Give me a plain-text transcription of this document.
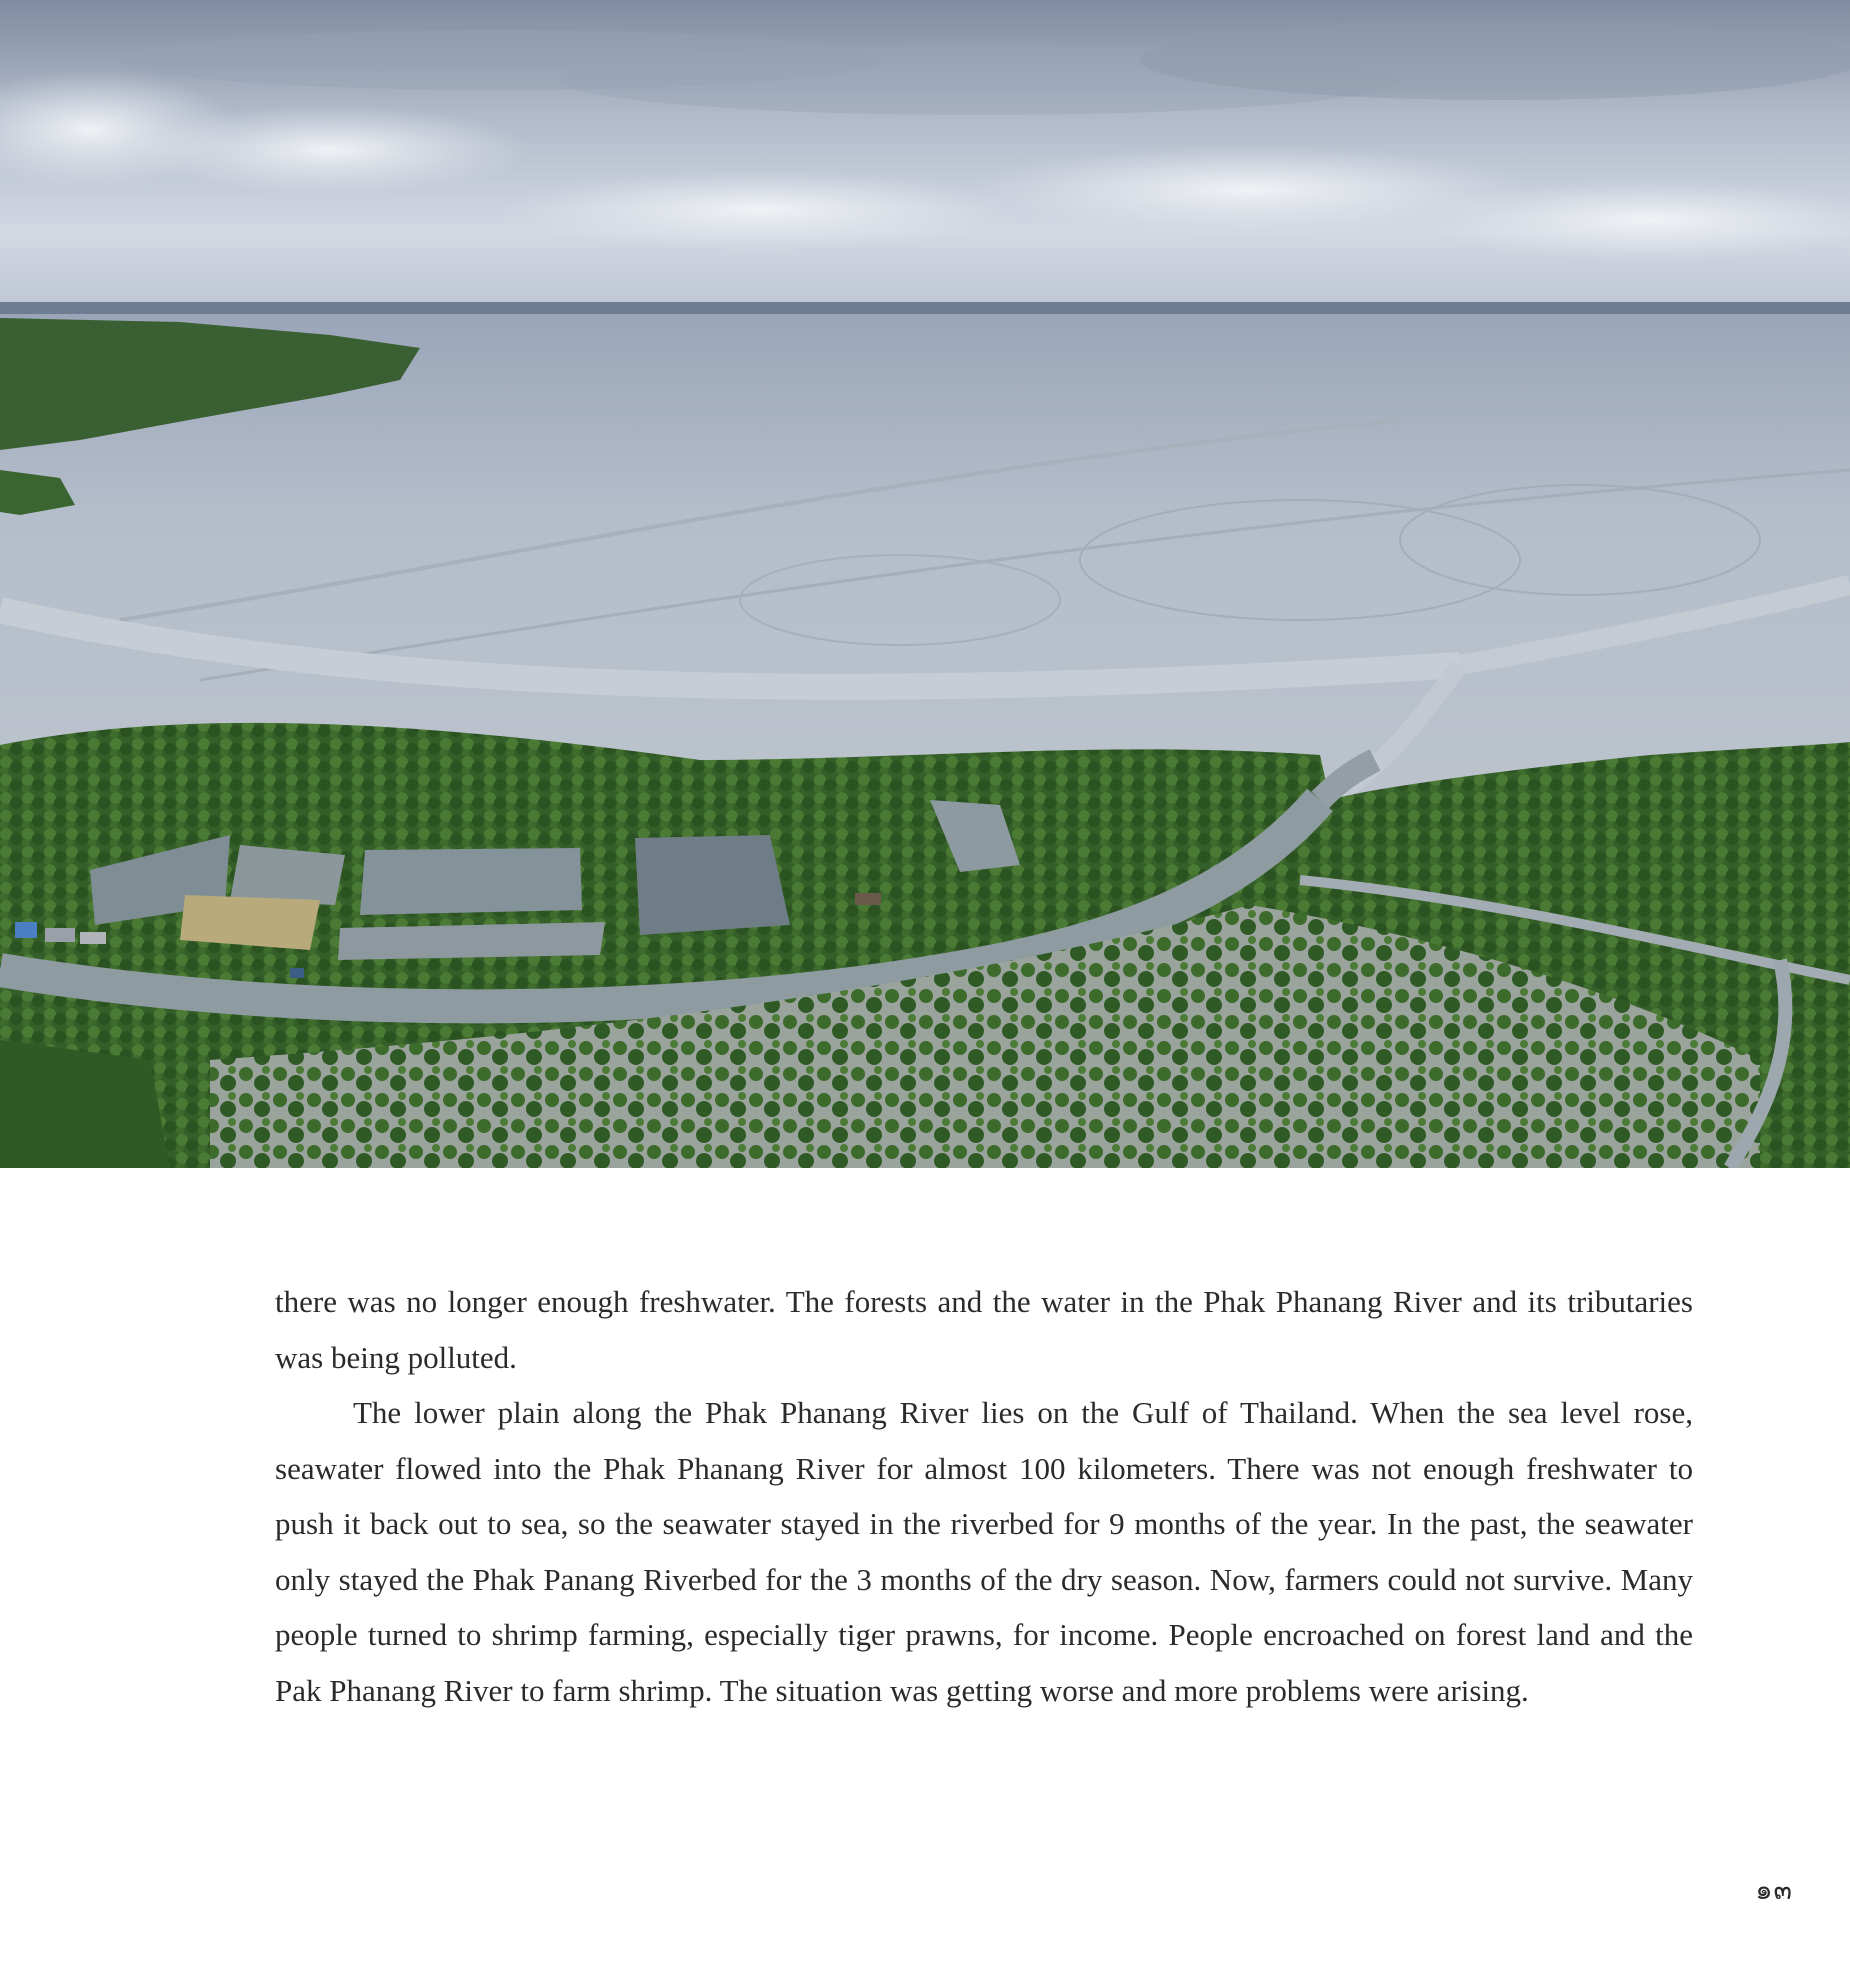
there was no longer enough freshwater. The forests and the water in the Phak Phanang River and its tributaries was being polluted.

The lower plain along the Phak Phanang River lies on the Gulf of Thailand. When the sea level rose, seawater flowed into the Phak Phanang River for almost 100 kilometers. There was not enough freshwater to push it back out to sea, so the seawater stayed in the riverbed for 9 months of the year. In the past, the seawater only stayed the Phak Panang Riverbed for the 3 months of the dry season. Now, farmers could not survive. Many people turned to shrimp farming, especially tiger prawns, for income. People encroached on forest land and the Pak Phanang River to farm shrimp. The situation was getting worse and more problems were arising.

๑๓
